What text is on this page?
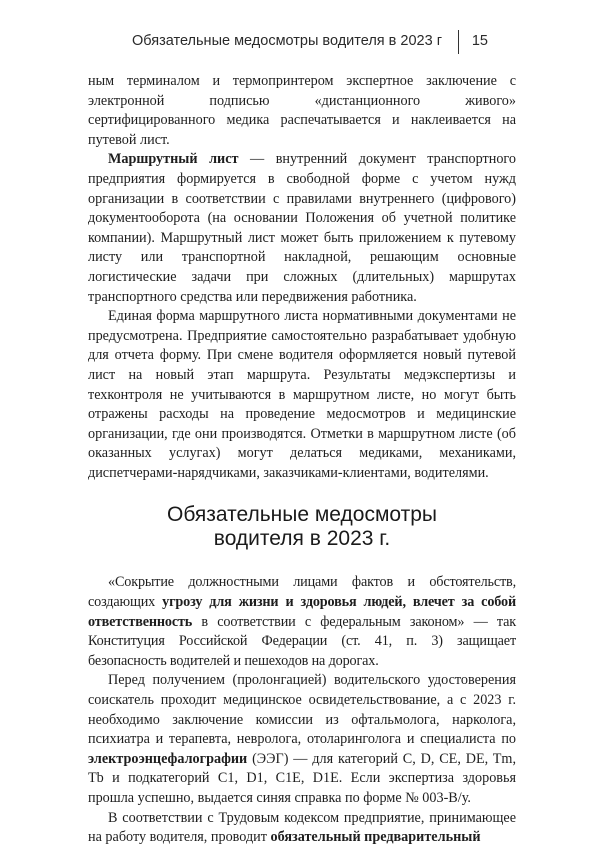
Обязательные медосмотры водителя в 2023 г 15

ным терминалом и термопринтером экспертное заключение с электронной подписью «дистанционного живого» сертифицированного медика распечатывается и наклеивается на путевой лист.

Маршрутный лист — внутренний документ транспортного предприятия формируется в свободной форме с учетом нужд организации в соответствии с правилами внутреннего (цифрового) документооборота (на основании Положения об учетной политике компании). Маршрутный лист может быть приложением к путевому листу или транспортной накладной, решающим основные логистические задачи при сложных (длительных) маршрутах транспортного средства или передвижения работника.

Единая форма маршрутного листа нормативными документами не предусмотрена. Предприятие самостоятельно разрабатывает удобную для отчета форму. При смене водителя оформляется новый путевой лист на новый этап маршрута. Результаты медэкспертизы и техконтроля не учитываются в маршрутном листе, но могут быть отражены расходы на проведение медосмотров и медицинские организации, где они производятся. Отметки в маршрутном листе (об оказанных услугах) могут делаться медиками, механиками, диспетчерами-нарядчиками, заказчиками-клиентами, водителями.

Обязательные медосмотры
водителя в 2023 г.

«Сокрытие должностными лицами фактов и обстоятельств, создающих угрозу для жизни и здоровья людей, влечет за собой ответственность в соответствии с федеральным законом» — так Конституция Российской Федерации (ст. 41, п. 3) защищает безопасность водителей и пешеходов на дорогах.

Перед получением (пролонгацией) водительского удостоверения соискатель проходит медицинское освидетельствование, а с 2023 г. необходимо заключение комиссии из офтальмолога, нарколога, психиатра и терапевта, невролога, отоларинголога и специалиста по электроэнцефалографии (ЭЭГ) — для категорий С, D, CE, DE, Tm, Tb и подкатегорий C1, D1, C1E, D1E. Если экспертиза здоровья прошла успешно, выдается синяя справка по форме № 003-В/у.

В соответствии с Трудовым кодексом предприятие, принимающее на работу водителя, проводит обязательный предварительный
